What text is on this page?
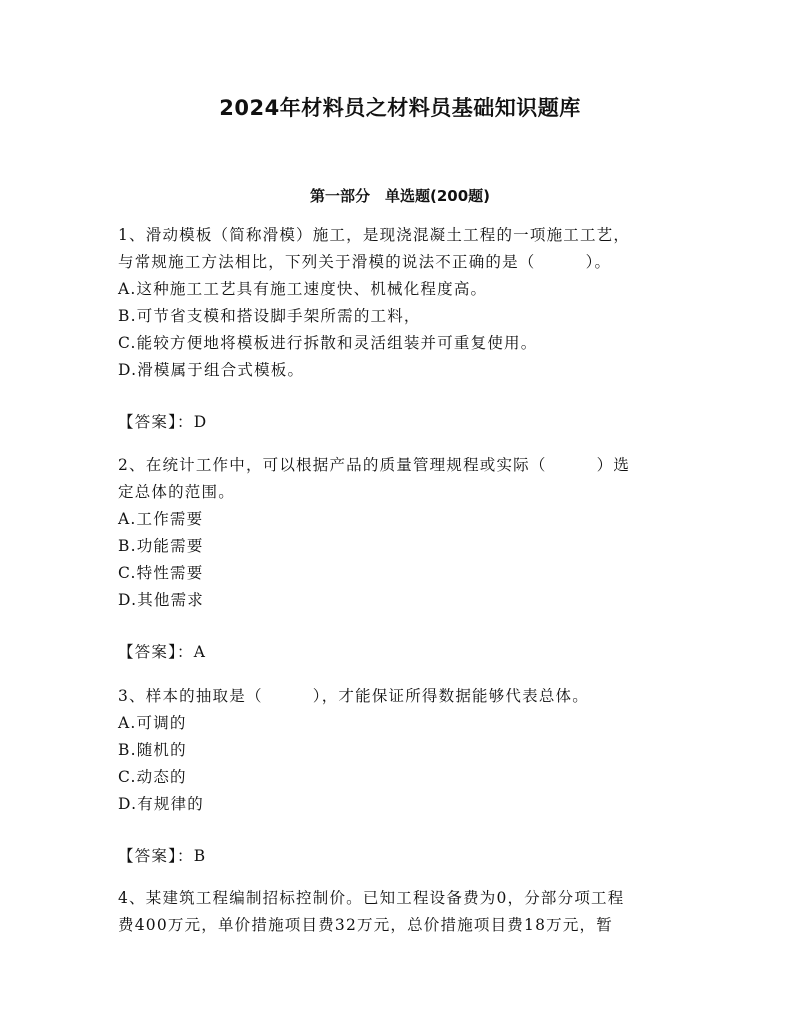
2024年材料员之材料员基础知识题库
第一部分　单选题(200题)
1、滑动模板（简称滑模）施工，是现浇混凝土工程的一项施工工艺，
与常规施工方法相比，下列关于滑模的说法不正确的是（　　　）。
A.这种施工工艺具有施工速度快、机械化程度高。
B.可节省支模和搭设脚手架所需的工料，
C.能较方便地将模板进行拆散和灵活组装并可重复使用。
D.滑模属于组合式模板。
【答案】：D
2、在统计工作中，可以根据产品的质量管理规程或实际（　　　）选
定总体的范围。
A.工作需要
B.功能需要
C.特性需要
D.其他需求
【答案】：A
3、样本的抽取是（　　　），才能保证所得数据能够代表总体。
A.可调的
B.随机的
C.动态的
D.有规律的
【答案】：B
4、某建筑工程编制招标控制价。已知工程设备费为0，分部分项工程
费400万元，单价措施项目费32万元，总价措施项目费18万元，暂
